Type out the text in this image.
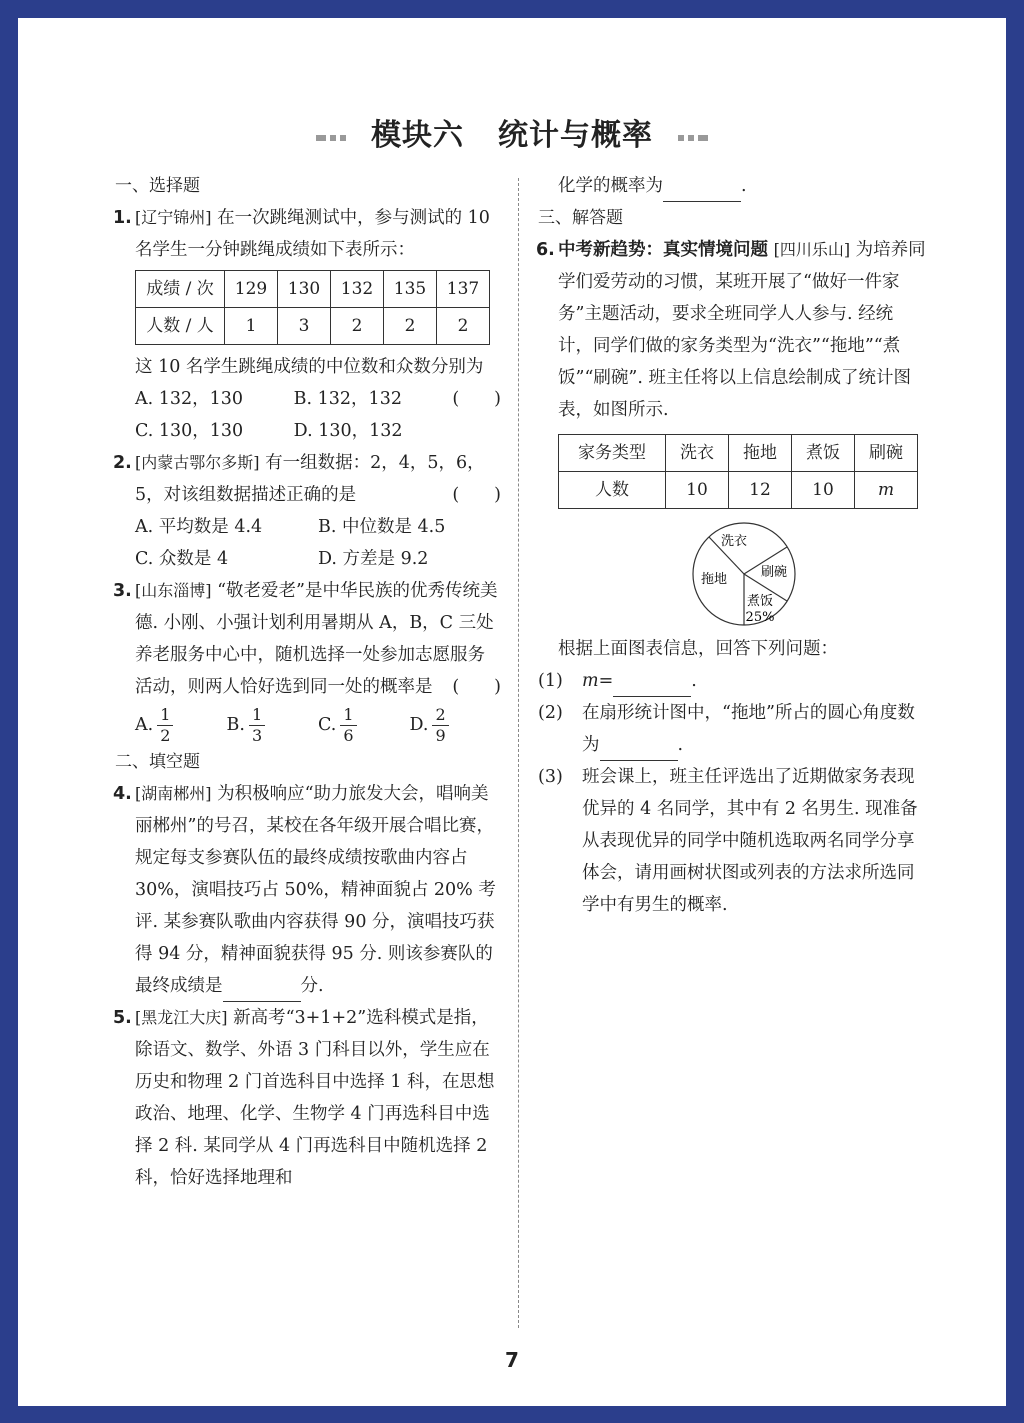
模块六 统计与概率
一、选择题
1. [辽宁锦州] 在一次跳绳测试中，参与测试的 10 名学生一分钟跳绳成绩如下表所示：
成绩 / 次	129	130	132	135	137
人数 / 人	1	3	2	2	2
这 10 名学生跳绳成绩的中位数和众数分别为
(　　)
A. 132，130	B. 132，132
C. 130，130	D. 130，132
2. [内蒙古鄂尔多斯] 有一组数据：2，4，5，6，5，对该组数据描述正确的是	(　　)
A. 平均数是 4.4	B. 中位数是 4.5
C. 众数是 4	D. 方差是 9.2
3. [山东淄博] “敬老爱老”是中华民族的优秀传统美德. 小刚、小强计划利用暑期从 A，B，C 三处养老服务中心中，随机选择一处参加志愿服务活动，则两人恰好选到同一处的概率是 (　　)
A. $\frac{1}{2}$	B. $\frac{1}{3}$	C. $\frac{1}{6}$	D. $\frac{2}{9}$
二、填空题
4. [湖南郴州] 为积极响应“助力旅发大会，唱响美丽郴州”的号召，某校在各年级开展合唱比赛，规定每支参赛队伍的最终成绩按歌曲内容占 30%，演唱技巧占 50%，精神面貌占 20% 考评. 某参赛队歌曲内容获得 90 分，演唱技巧获得 94 分，精神面貌获得 95 分. 则该参赛队的最终成绩是	分.
5. [黑龙江大庆] 新高考“3+1+2”选科模式是指，除语文、数学、外语 3 门科目以外，学生应在历史和物理 2 门首选科目中选择 1 科，在思想政治、地理、化学、生物学 4 门再选科目中选择 2 科. 某同学从 4 门再选科目中随机选择 2 科，恰好选择地理和
化学的概率为	.
三、解答题
6. 中考新趋势：真实情境问题 [四川乐山] 为培养同学们爱劳动的习惯，某班开展了“做好一件家务”主题活动，要求全班同学人人参与. 经统计，同学们做的家务类型为“洗衣”“拖地”“煮饭”“刷碗”. 班主任将以上信息绘制成了统计图表，如图所示.
家务类型	洗衣	拖地	煮饭	刷碗
人数	10	12	10	m
洗衣
刷碗
拖地
煮饭
25%
根据上面图表信息，回答下列问题：
(1) m=	.
(2) 在扇形统计图中，“拖地”所占的圆心角度数为	.
(3) 班会课上，班主任评选出了近期做家务表现优异的 4 名同学，其中有 2 名男生. 现准备从表现优异的同学中随机选取两名同学分享体会，请用画树状图或列表的方法求所选同学中有男生的概率.
7
